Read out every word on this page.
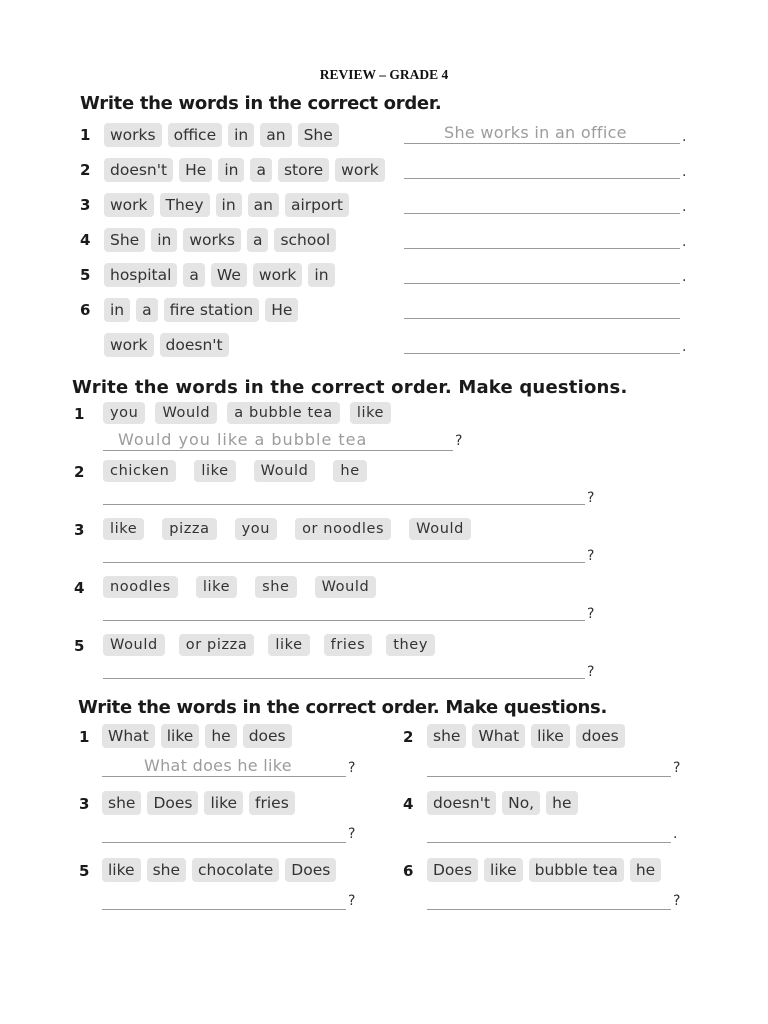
REVIEW – GRADE 4
Write the words in the correct order.
1	works	office	in	an	She	She works in an office	.
2	doesn't	He	in	a	store	work	.
3	work	They	in	an	airport	.
4	She	in	works	a	school	.
5	hospital	a	We	work	in	.
6	in	a	fire station	He
work	doesn't	.
Write the words in the correct order. Make questions.
1	you	Would	a bubble tea	like
Would you like a bubble tea	?
2	chicken	like	Would	he
?
3	like	pizza	you	or noodles	Would
?
4	noodles	like	she	Would
?
5	Would	or pizza	like	fries	they
?
Write the words in the correct order. Make questions.
1	What	like	he	does
What does he like	?
2	she	What	like	does
?
3	she	Does	like	fries
?
4	doesn't	No,	he
.
5	like	she	chocolate	Does
?
6	Does	like	bubble tea	he
?
